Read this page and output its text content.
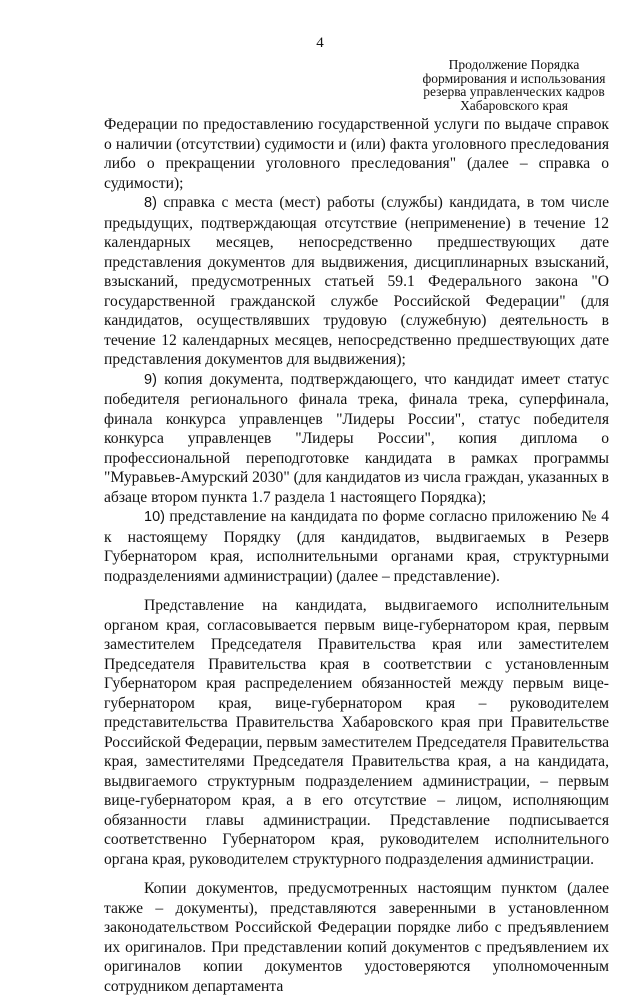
4
Продолжение Порядка
формирования и использования
резерва управленческих кадров
Хабаровского края

Федерации по предоставлению государственной услуги по выдаче справок о наличии (отсутствии) судимости и (или) факта уголовного преследования либо о прекращении уголовного преследования" (далее – справка о судимости);

8) справка с места (мест) работы (службы) кандидата, в том числе предыдущих, подтверждающая отсутствие (неприменение) в течение 12 календарных месяцев, непосредственно предшествующих дате представления документов для выдвижения, дисциплинарных взысканий, взысканий, предусмотренных статьей 59.1 Федерального закона "О государственной гражданской службе Российской Федерации" (для кандидатов, осуществлявших трудовую (служебную) деятельность в течение 12 календарных месяцев, непосредственно предшествующих дате представления документов для выдвижения);

9) копия документа, подтверждающего, что кандидат имеет статус победителя регионального финала трека, финала трека, суперфинала, финала конкурса управленцев "Лидеры России", статус победителя конкурса управленцев "Лидеры России", копия диплома о профессиональной переподготовке кандидата в рамках программы "Муравьев-Амурский 2030" (для кандидатов из числа граждан, указанных в абзаце втором пункта 1.7 раздела 1 настоящего Порядка);

10) представление на кандидата по форме согласно приложению № 4 к настоящему Порядку (для кандидатов, выдвигаемых в Резерв Губернатором края, исполнительными органами края, структурными подразделениями администрации) (далее – представление).

Представление на кандидата, выдвигаемого исполнительным органом края, согласовывается первым вице-губернатором края, первым заместителем Председателя Правительства края или заместителем Председателя Правительства края в соответствии с установленным Губернатором края распределением обязанностей между первым вице-губернатором края, вице-губернатором края – руководителем представительства Правительства Хабаровского края при Правительстве Российской Федерации, первым заместителем Председателя Правительства края, заместителями Председателя Правительства края, а на кандидата, выдвигаемого структурным подразделением администрации, – первым вице-губернатором края, а в его отсутствие – лицом, исполняющим обязанности главы администрации. Представление подписывается соответственно Губернатором края, руководителем исполнительного органа края, руководителем структурного подразделения администрации.

Копии документов, предусмотренных настоящим пунктом (далее также – документы), представляются заверенными в установленном законодательством Российской Федерации порядке либо с предъявлением их оригиналов. При представлении копий документов с предъявлением их оригиналов копии документов удостоверяются уполномоченным сотрудником департамента
